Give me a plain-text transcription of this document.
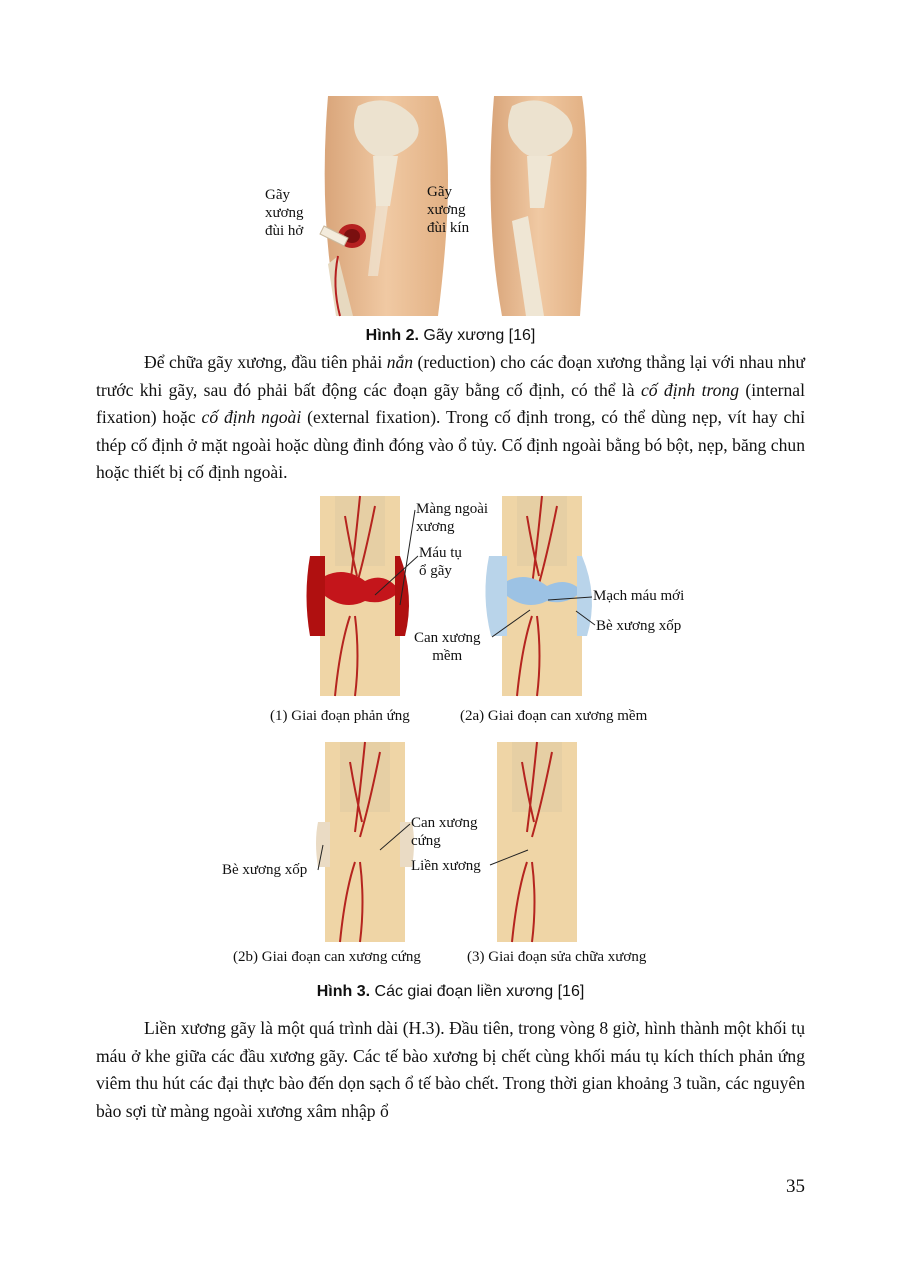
Gãy
xương
đùi hở
Gãy
xương
đùi kín
Hình 2. Gãy xương [16]
Để chữa gãy xương, đầu tiên phải nắn (reduction) cho các đoạn xương thẳng lại với nhau như trước khi gãy, sau đó phải bất động các đoạn gãy bằng cố định, có thể là cố định trong (internal fixation) hoặc cố định ngoài (external fixation). Trong cố định trong, có thể dùng nẹp, vít hay chỉ thép cố định ở mặt ngoài hoặc dùng đinh đóng vào ổ tủy. Cố định ngoài bằng bó bột, nẹp, băng chun hoặc thiết bị cố định ngoài.
Màng ngoài
xương
Máu tụ
ổ gãy
Mạch máu mới
Bè xương xốp
Can xương
mềm
Can xương
cứng
Bè xương xốp	Liền xương
(1) Giai đoạn phản ứng	(2a) Giai đoạn can xương mềm
(2b) Giai đoạn can xương cứng	(3) Giai đoạn sửa chữa xương
Hình 3. Các giai đoạn liền xương [16]
Liền xương gãy là một quá trình dài (H.3). Đầu tiên, trong vòng 8 giờ, hình thành một khối tụ máu ở khe giữa các đầu xương gãy. Các tế bào xương bị chết cùng khối máu tụ kích thích phản ứng viêm thu hút các đại thực bào đến dọn sạch ổ tế bào chết. Trong thời gian khoảng 3 tuần, các nguyên bào sợi từ màng ngoài xương xâm nhập ổ
35
